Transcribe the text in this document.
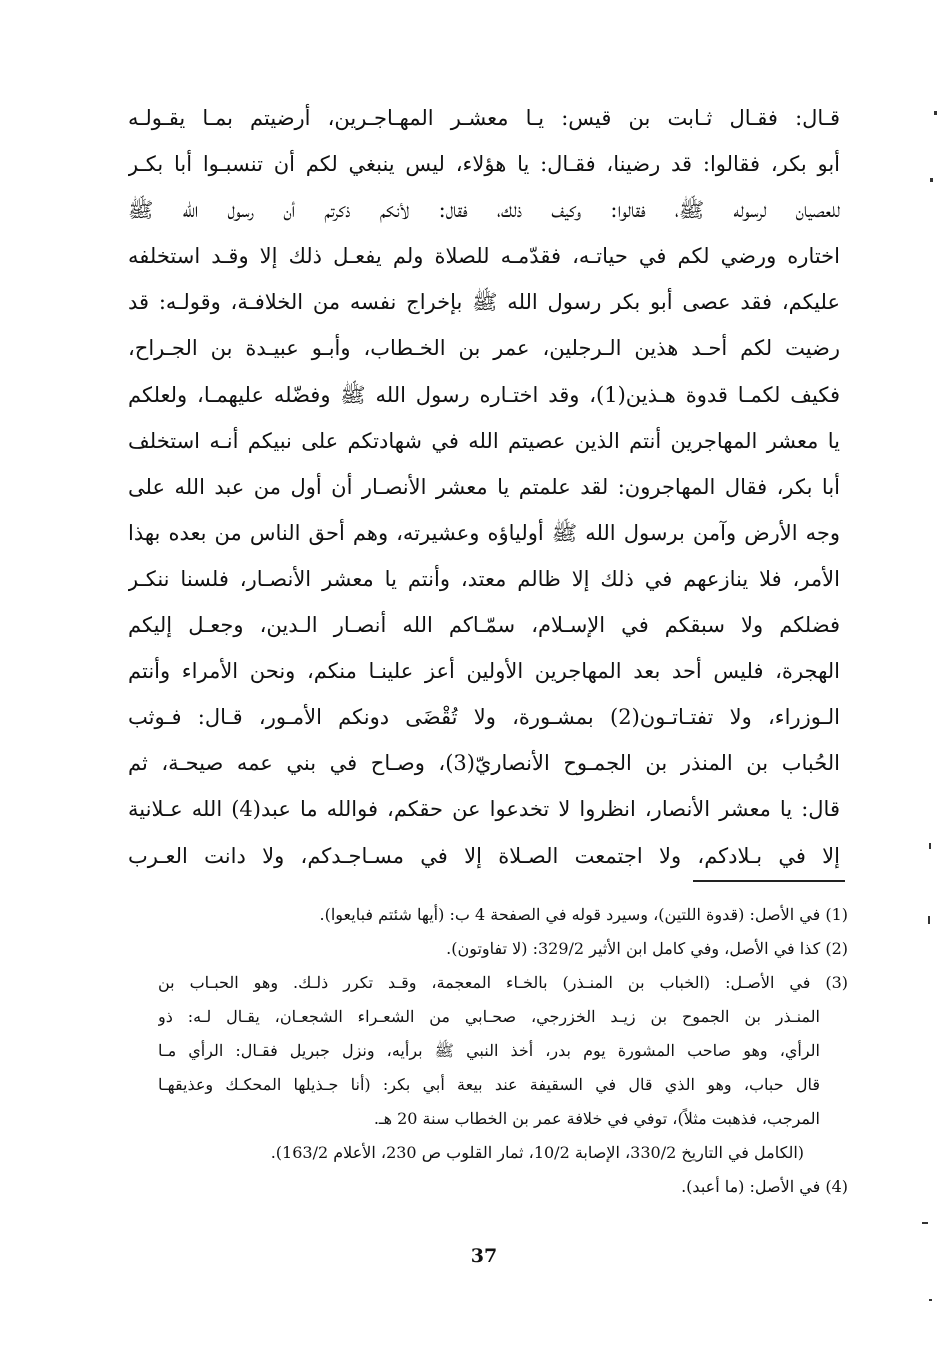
قـال: فقـال ثـابت بن قيس: يـا معشـر المهـاجـرين، أرضيتم بمـا يقـولـه
أبو بكر، فقالوا: قد رضينا، فقـال: يا هؤلاء، ليس ينبغي لكم أن تنسبـوا أبا بكـر
للعصيان لرسوله ﷺ، فقالوا: وكيف ذلك، فقال: لأنكم ذكرتم أن رسول الله ﷺ
اختاره ورضي لكم في حياتـه، فقدّمـه للصلاة ولم يفعـل ذلك إلا وقـد استخلفه
عليكم، فقد عصى أبو بكر رسول الله ﷺ بإخراج نفسه من الخلافـة، وقولـه: قد
رضيت لكم أحـد هذين الـرجلين، عمر بن الخـطاب، وأبـو عبيـدة بن الجـراح،
فكيف لكمـا قدوة هـذين(1)، وقد اختـاره رسول الله ﷺ وفضّله عليهمـا، ولعلكم
يا معشر المهاجرين أنتم الذين عصيتم الله في شهادتكم على نبيكم أنـه استخلف
أبا بكر، فقال المهاجرون: لقد علمتم يا معشر الأنصـار أن أول من عبد الله على
وجه الأرض وآمن برسول الله ﷺ أولياؤه وعشيرته، وهم أحق الناس من بعده بهذا
الأمر، فلا ينازعهم في ذلك إلا ظالم معتد، وأنتم يا معشر الأنصـار، فلسنا ننكـر
فضلكم ولا سبقكم في الإسـلام، سمّـاكم الله أنصـار الـدين، وجعـل إليكم
الهجرة، فليس أحد بعد المهاجرين الأولين أعز علينـا منكم، ونحن الأمراء وأنتم
الـوزراء، ولا تفتـاتـون(2) بمشـورة، ولا تُقْضَى دونكم الأمـور، قـال: فـوثب
الحُباب بن المنذر بن الجمـوح الأنصاريّ(3)، وصـاح في بني عمه صيحـة، ثم
قال: يا معشر الأنصار، انظروا لا تخدعوا عن حقكم، فوالله ما عبد(4) الله عـلانية
إلا في بـلادكم، ولا اجتمعت الصـلاة إلا في مسـاجـدكم، ولا دانت العـرب
(1) في الأصل: (قدوة اللتين)، وسيرد قوله في الصفحة 4 ب: (أيها شئتم فبايعوا).
(2) كذا في الأصل، وفي كامل ابن الأثير 329/2: (لا تفاوتون).
(3) في الأصـل: (الخباب بن المنـذر) بالخـاء المعجمة، وقـد تكرر ذلـك. وهو الحبـاب بن
المنـذر بن الجموح بن زيـد الخزرجي، صحـابي من الشعـراء الشجعـان، يقـال لـه: ذو
الرأي، وهو صاحب المشورة يوم بدر، أخذ النبي ﷺ برأيه، ونزل جبريل فقـال: الرأي مـا
قال حباب، وهو الذي قال في السقيفة عند بيعة أبي بكر: (أنا جـذيلها المحكـك وعذيقهـا
المرجب، فذهبت مثلاً)، توفي في خلافة عمر بن الخطاب سنة 20 هـ.
(الكامل في التاريخ 330/2، الإصابة 10/2، ثمار القلوب ص 230، الأعلام 163/2).
(4) في الأصل: (ما أعبد).
37
